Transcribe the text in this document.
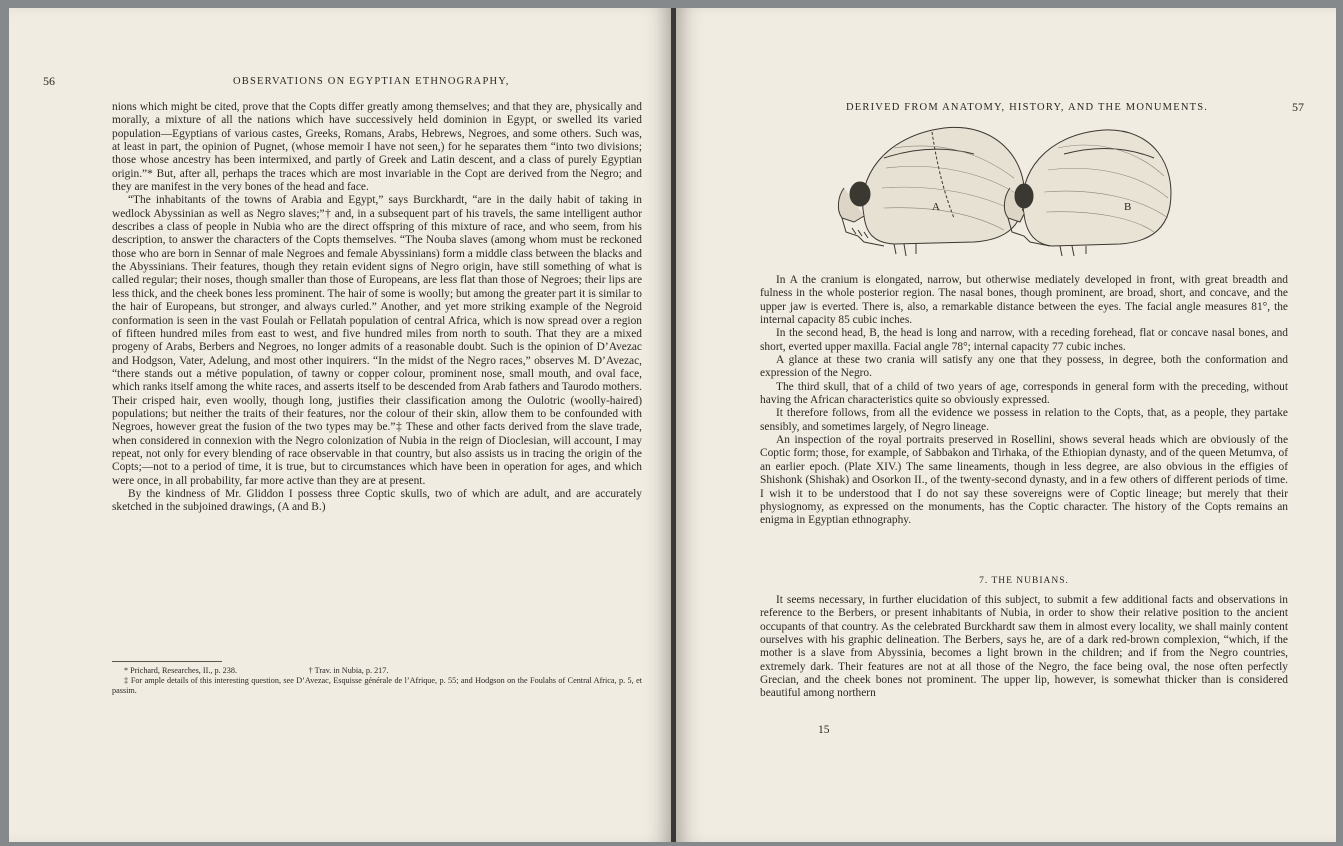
56	OBSERVATIONS ON EGYPTIAN ETHNOGRAPHY,

nions which might be cited, prove that the Copts differ greatly among themselves; and that they are, physically and morally, a mixture of all the nations which have successively held dominion in Egypt, or swelled its varied population—Egyptians of various castes, Greeks, Romans, Arabs, Hebrews, Negroes, and some others. Such was, at least in part, the opinion of Pugnet, (whose memoir I have not seen,) for he separates them “into two divisions; those whose ancestry has been intermixed, and partly of Greek and Latin descent, and a class of purely Egyptian origin.”* But, after all, perhaps the traces which are most invariable in the Copt are derived from the Negro; and they are manifest in the very bones of the head and face.

“The inhabitants of the towns of Arabia and Egypt,” says Burckhardt, “are in the daily habit of taking in wedlock Abyssinian as well as Negro slaves;”† and, in a subsequent part of his travels, the same intelligent author describes a class of people in Nubia who are the direct offspring of this mixture of race, and who seem, from his description, to answer the characters of the Copts themselves. “The Nouba slaves (among whom must be reckoned those who are born in Sennar of male Negroes and female Abyssinians) form a middle class between the blacks and the Abyssinians. Their features, though they retain evident signs of Negro origin, have still something of what is called regular; their noses, though smaller than those of Europeans, are less flat than those of Negroes; their lips are less thick, and the cheek bones less prominent. The hair of some is woolly; but among the greater part it is similar to the hair of Europeans, but stronger, and always curled.” Another, and yet more striking example of the Negroid conformation is seen in the vast Foulah or Fellatah population of central Africa, which is now spread over a region of fifteen hundred miles from east to west, and five hundred miles from north to south. That they are a mixed progeny of Arabs, Berbers and Negroes, no longer admits of a reasonable doubt. Such is the opinion of D’Avezac and Hodgson, Vater, Adelung, and most other inquirers. “In the midst of the Negro races,” observes M. D’Avezac, “there stands out a métive population, of tawny or copper colour, prominent nose, small mouth, and oval face, which ranks itself among the white races, and asserts itself to be descended from Arab fathers and Taurodo mothers. Their crisped hair, even woolly, though long, justifies their classification among the Oulotric (woolly-haired) populations; but neither the traits of their features, nor the colour of their skin, allow them to be confounded with Negroes, however great the fusion of the two types may be.”‡ These and other facts derived from the slave trade, when considered in connexion with the Negro colonization of Nubia in the reign of Dioclesian, will account, I may repeat, not only for every blending of race observable in that country, but also assists us in tracing the origin of the Copts;—not to a period of time, it is true, but to circumstances which have been in operation for ages, and which were once, in all probability, far more active than they are at present.

By the kindness of Mr. Gliddon I possess three Coptic skulls, two of which are adult, and are accurately sketched in the subjoined drawings, (A and B.)

* Prichard, Researches, II., p. 238.                                   † Trav. in Nubia, p. 217.

‡ For ample details of this interesting question, see D’Avezac, Esquisse générale de l’Afrique, p. 55; and Hodgson on the Foulahs of Central Africa, p. 5, et passim.

DERIVED FROM ANATOMY, HISTORY, AND THE MONUMENTS.	57
A	B

In A the cranium is elongated, narrow, but otherwise mediately developed in front, with great breadth and fulness in the whole posterior region. The nasal bones, though prominent, are broad, short, and concave, and the upper jaw is everted. There is, also, a remarkable distance between the eyes. The facial angle measures 81°, the internal capacity 85 cubic inches.

In the second head, B, the head is long and narrow, with a receding forehead, flat or concave nasal bones, and short, everted upper maxilla. Facial angle 78°; internal capacity 77 cubic inches.

A glance at these two crania will satisfy any one that they possess, in degree, both the conformation and expression of the Negro.

The third skull, that of a child of two years of age, corresponds in general form with the preceding, without having the African characteristics quite so obviously expressed.

It therefore follows, from all the evidence we possess in relation to the Copts, that, as a people, they partake sensibly, and sometimes largely, of Negro lineage.

An inspection of the royal portraits preserved in Rosellini, shows several heads which are obviously of the Coptic form; those, for example, of Sabbakon and Tirhaka, of the Ethiopian dynasty, and of the queen Metumva, of an earlier epoch. (Plate XIV.) The same lineaments, though in less degree, are also obvious in the effigies of Shishonk (Shishak) and Osorkon II., of the twenty-second dynasty, and in a few others of different periods of time. I wish it to be understood that I do not say these sovereigns were of Coptic lineage; but merely that their physiognomy, as expressed on the monuments, has the Coptic character. The history of the Copts remains an enigma in Egyptian ethnography.

7. THE NUBIANS.

It seems necessary, in further elucidation of this subject, to submit a few additional facts and observations in reference to the Berbers, or present inhabitants of Nubia, in order to show their relative position to the ancient occupants of that country. As the celebrated Burckhardt saw them in almost every locality, we shall mainly content ourselves with his graphic delineation. The Berbers, says he, are of a dark red-brown complexion, “which, if the mother is a slave from Abyssinia, becomes a light brown in the children; and if from the Negro countries, extremely dark. Their features are not at all those of the Negro, the face being oval, the nose often perfectly Grecian, and the cheek bones not prominent. The upper lip, however, is somewhat thicker than is considered beautiful among northern

15
